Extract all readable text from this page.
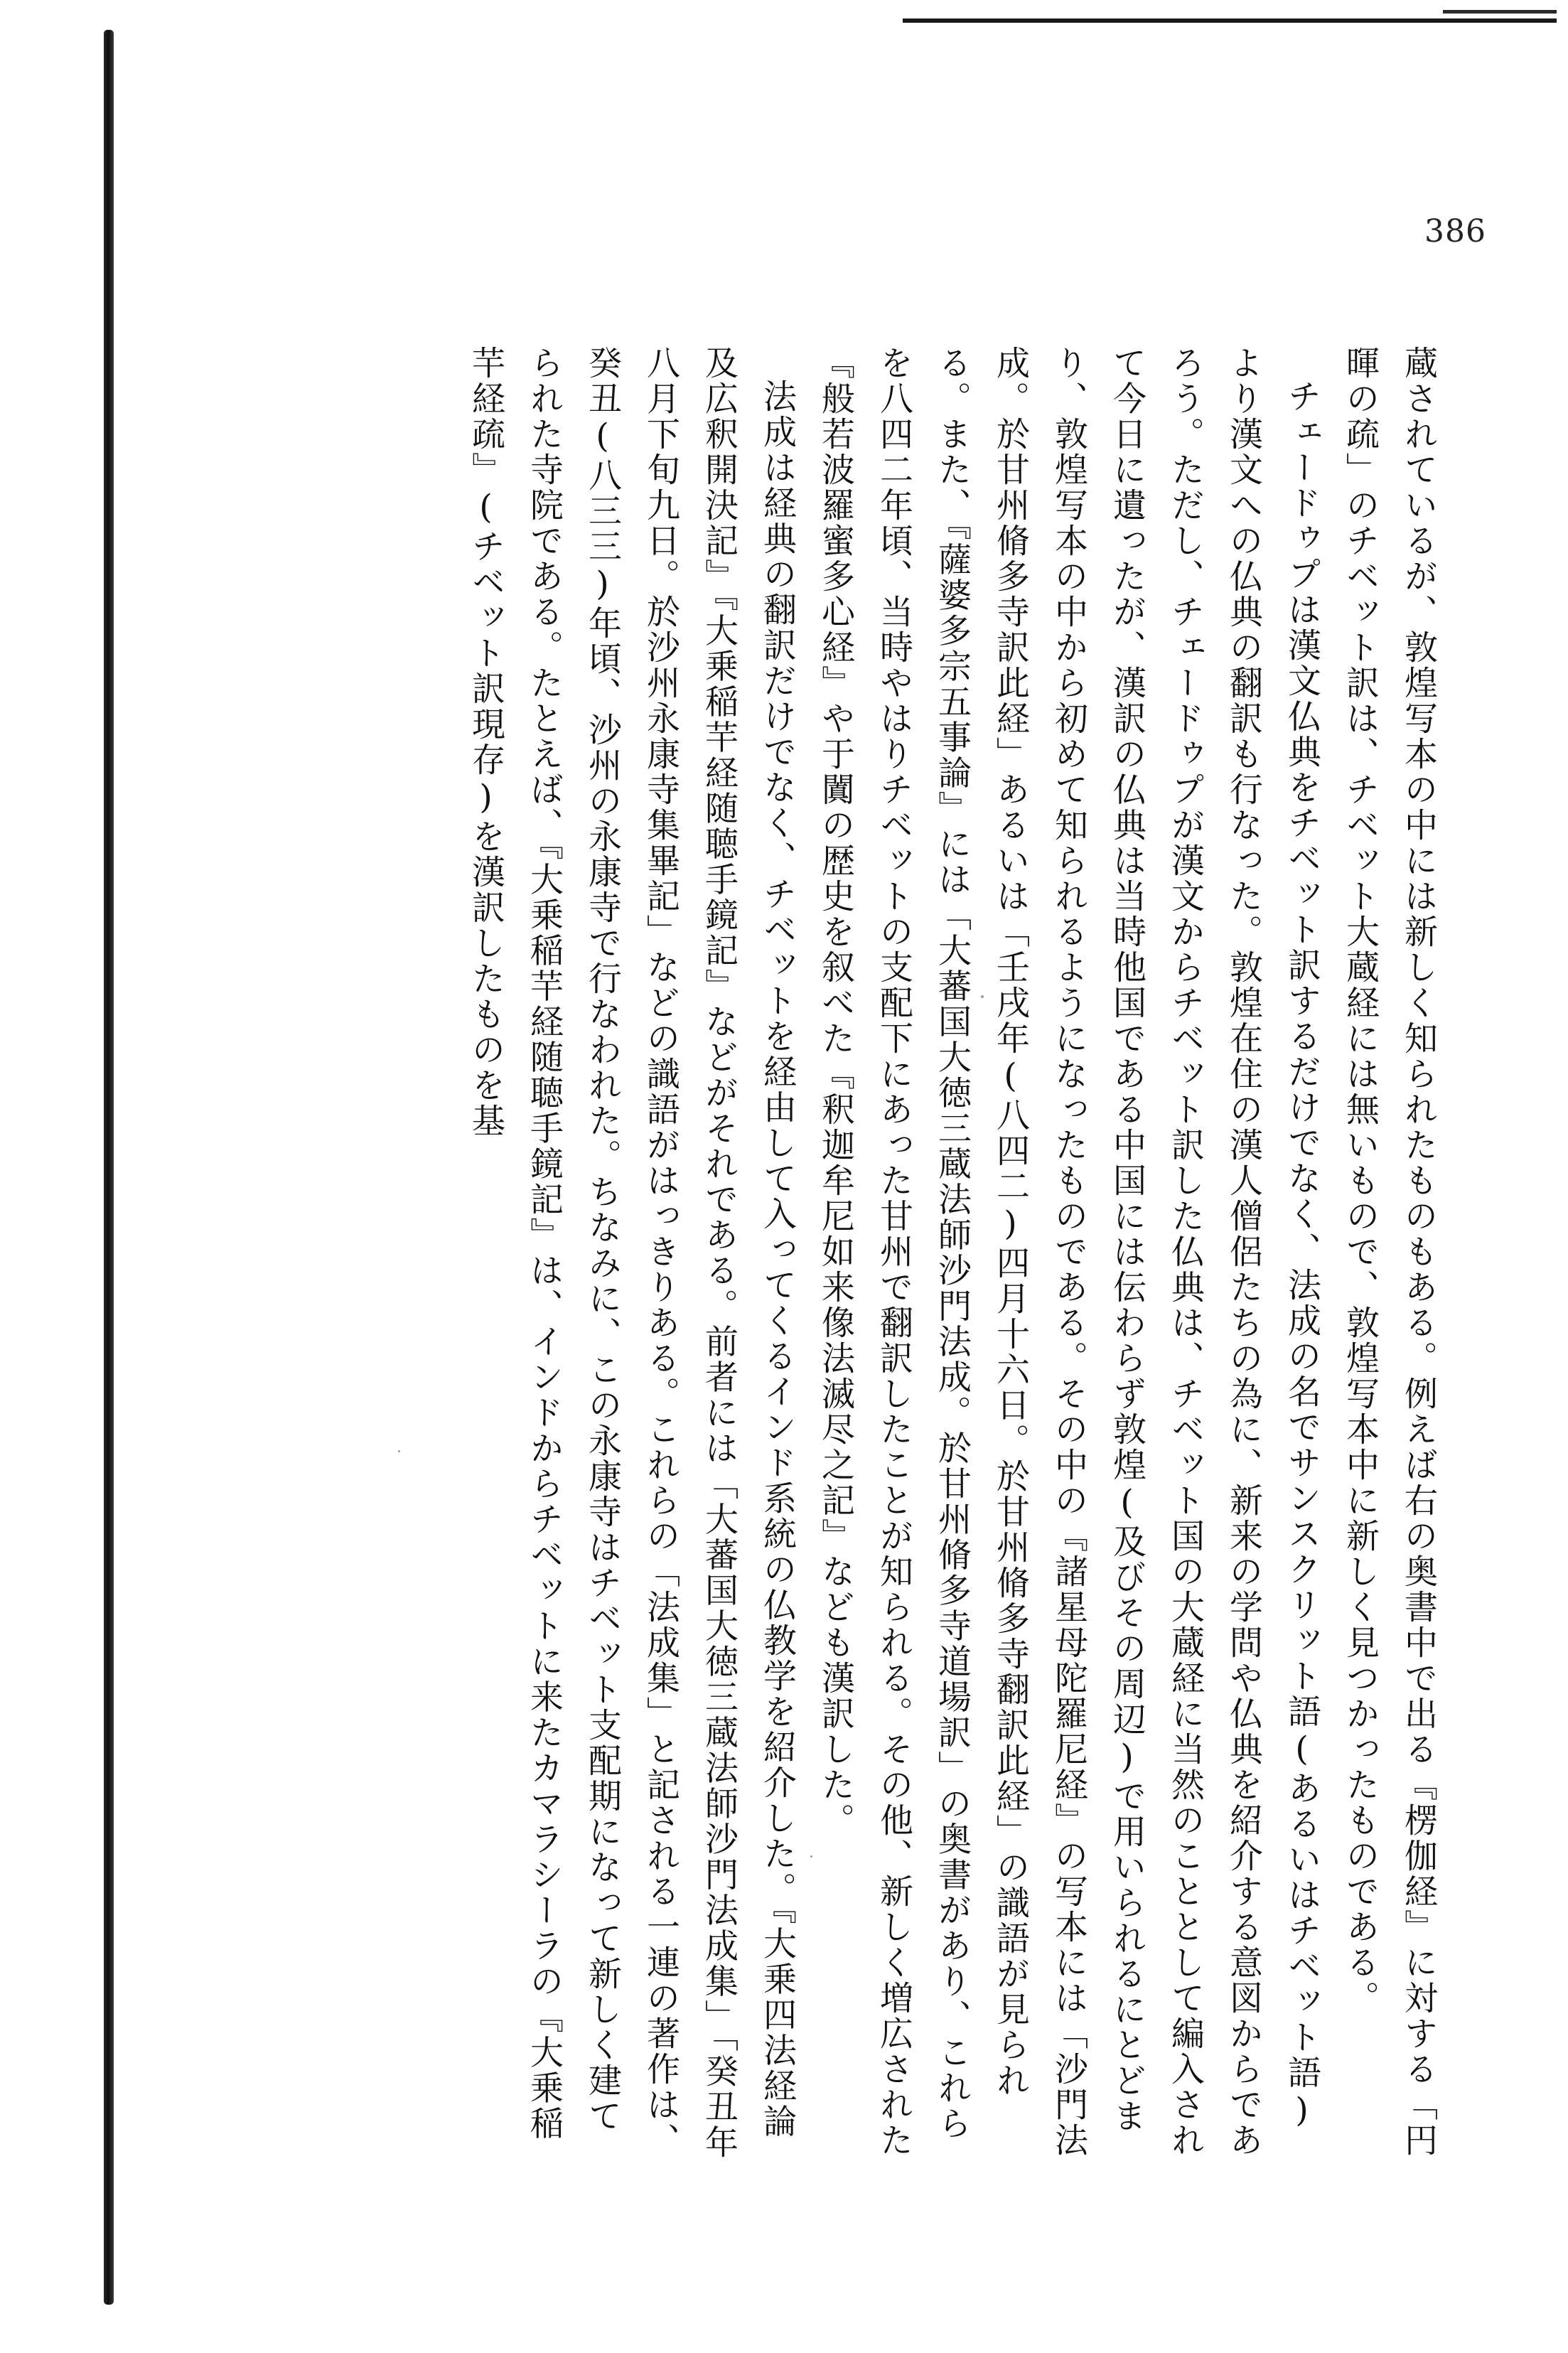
386

蔵されているが、敦煌写本の中には新しく知られたものもある。例えば右の奥書中で出る『楞伽経』に対する「円暉の疏」のチベット訳は、チベット大蔵経には無いもので、敦煌写本中に新しく見つかったものである。

チェードゥプは漢文仏典をチベット訳するだけでなく、法成の名でサンスクリット語(あるいはチベット語)より漢文への仏典の翻訳も行なった。敦煌在住の漢人僧侶たちの為に、新来の学問や仏典を紹介する意図からであろう。ただし、チェードゥプが漢文からチベット訳した仏典は、チベット国の大蔵経に当然のこととして編入されて今日に遺ったが、漢訳の仏典は当時他国である中国には伝わらず敦煌(及びその周辺)で用いられるにとどまり、敦煌写本の中から初めて知られるようになったものである。その中の『諸星母陀羅尼経』の写本には「沙門法成。於甘州脩多寺訳此経」あるいは「壬戌年(八四二)四月十六日。於甘州脩多寺翻訳此経」の識語が見られる。また、『薩婆多宗五事論』には「大蕃国大徳三蔵法師沙門法成。於甘州脩多寺道場訳」の奥書があり、これらを八四二年頃、当時やはりチベットの支配下にあった甘州で翻訳したことが知られる。その他、新しく増広された『般若波羅蜜多心経』や于闐の歴史を叙べた『釈迦牟尼如来像法滅尽之記』なども漢訳した。

法成は経典の翻訳だけでなく、チベットを経由して入ってくるインド系統の仏教学を紹介した。『大乗四法経論及広釈開決記』『大乗稲芉経随聴手鏡記』などがそれである。前者には「大蕃国大徳三蔵法師沙門法成集」「癸丑年八月下旬九日。於沙州永康寺集畢記」などの識語がはっきりある。これらの「法成集」と記される一連の著作は、癸丑(八三三)年頃、沙州の永康寺で行なわれた。ちなみに、この永康寺はチベット支配期になって新しく建てられた寺院である。たとえば、『大乗稲芉経随聴手鏡記』は、インドからチベットに来たカマラシーラの『大乗稲芉経疏』(チベット訳現存)を漢訳したものを基
